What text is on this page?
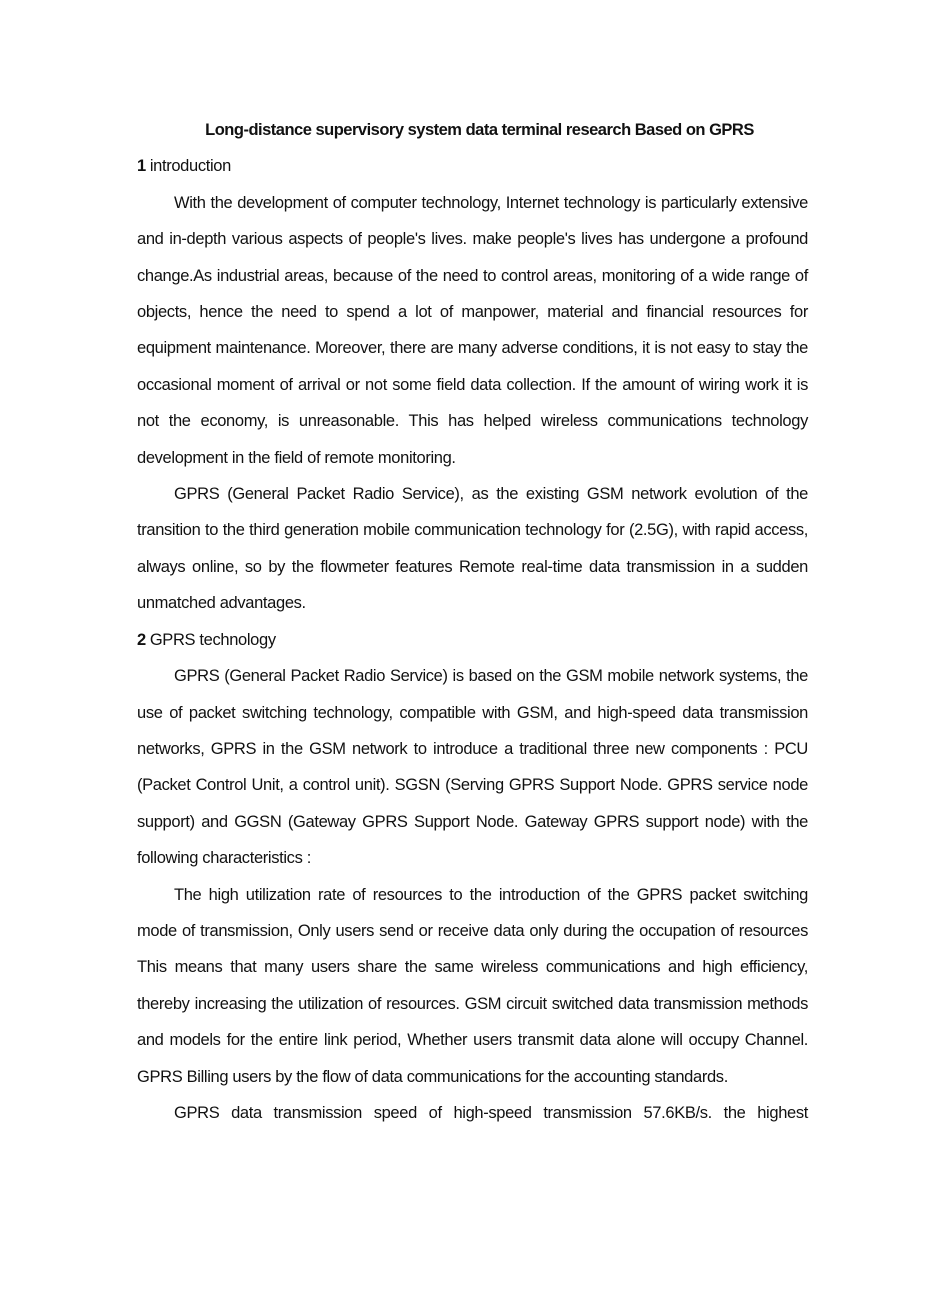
Long-distance supervisory system data terminal research Based on GPRS

1 introduction

With the development of computer technology, Internet technology is particularly extensive and in-depth various aspects of people's lives. make people's lives has undergone a profound change.As industrial areas, because of the need to control areas, monitoring of a wide range of objects, hence the need to spend a lot of manpower, material and financial resources for equipment maintenance. Moreover, there are many adverse conditions, it is not easy to stay the occasional moment of arrival or not some field data collection. If the amount of wiring work it is not the economy, is unreasonable. This has helped wireless communications technology development in the field of remote monitoring.

GPRS (General Packet Radio Service), as the existing GSM network evolution of the transition to the third generation mobile communication technology for (2.5G), with rapid access, always online, so by the flowmeter features Remote real-time data transmission in a sudden unmatched advantages.

2 GPRS technology

GPRS (General Packet Radio Service) is based on the GSM mobile network systems, the use of packet switching technology, compatible with GSM, and high-speed data transmission networks, GPRS in the GSM network to introduce a traditional three new components : PCU (Packet Control Unit, a control unit). SGSN (Serving GPRS Support Node. GPRS service node support) and GGSN (Gateway GPRS Support Node. Gateway GPRS support node) with the following characteristics :

The high utilization rate of resources to the introduction of the GPRS packet switching mode of transmission, Only users send or receive data only during the occupation of resources This means that many users share the same wireless communications and high efficiency, thereby increasing the utilization of resources. GSM circuit switched data transmission methods and models for the entire link period, Whether users transmit data alone will occupy Channel. GPRS Billing users by the flow of data communications for the accounting standards.

GPRS data transmission speed of high-speed transmission 57.6KB/s. the highest
